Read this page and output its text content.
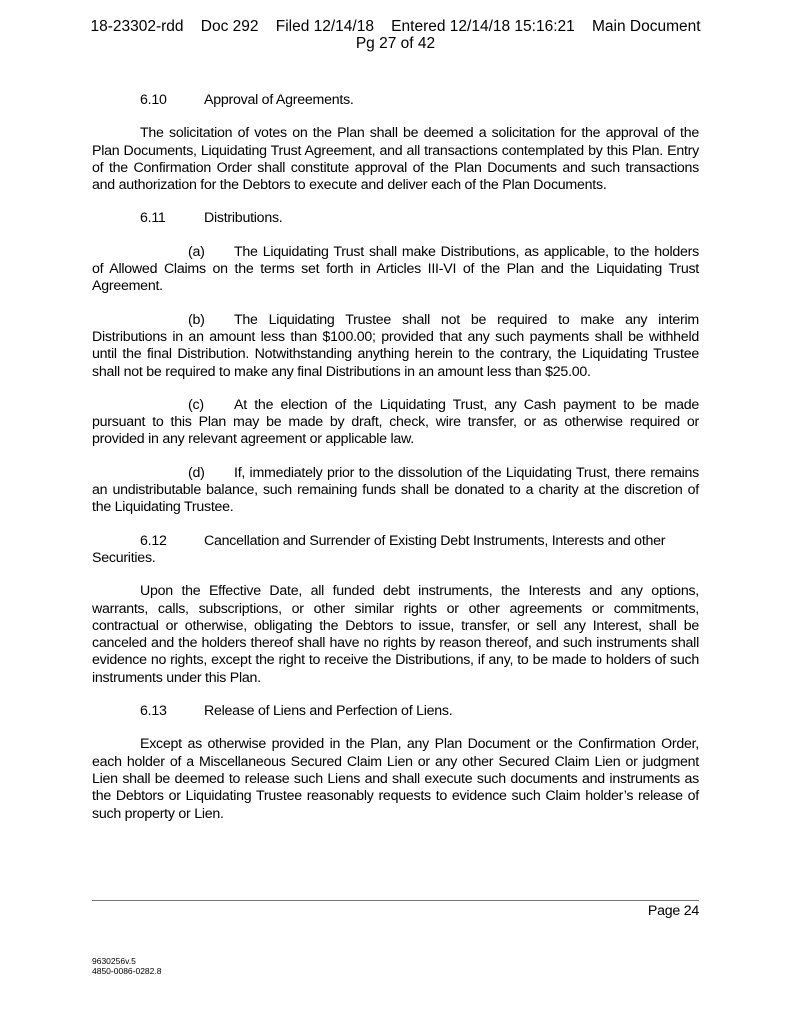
18-23302-rdd    Doc 292    Filed 12/14/18    Entered 12/14/18 15:16:21    Main Document
Pg 27 of 42

6.10	Approval of Agreements.

The solicitation of votes on the Plan shall be deemed a solicitation for the approval of the Plan Documents, Liquidating Trust Agreement, and all transactions contemplated by this Plan. Entry of the Confirmation Order shall constitute approval of the Plan Documents and such transactions and authorization for the Debtors to execute and deliver each of the Plan Documents.

6.11	Distributions.

(a) The Liquidating Trust shall make Distributions, as applicable, to the holders of Allowed Claims on the terms set forth in Articles III-VI of the Plan and the Liquidating Trust Agreement.

(b) The Liquidating Trustee shall not be required to make any interim Distributions in an amount less than $100.00; provided that any such payments shall be withheld until the final Distribution. Notwithstanding anything herein to the contrary, the Liquidating Trustee shall not be required to make any final Distributions in an amount less than $25.00.

(c) At the election of the Liquidating Trust, any Cash payment to be made pursuant to this Plan may be made by draft, check, wire transfer, or as otherwise required or provided in any relevant agreement or applicable law.

(d) If, immediately prior to the dissolution of the Liquidating Trust, there remains an undistributable balance, such remaining funds shall be donated to a charity at the discretion of the Liquidating Trustee.

6.12	Cancellation and Surrender of Existing Debt Instruments, Interests and other Securities.

Upon the Effective Date, all funded debt instruments, the Interests and any options, warrants, calls, subscriptions, or other similar rights or other agreements or commitments, contractual or otherwise, obligating the Debtors to issue, transfer, or sell any Interest, shall be canceled and the holders thereof shall have no rights by reason thereof, and such instruments shall evidence no rights, except the right to receive the Distributions, if any, to be made to holders of such instruments under this Plan.

6.13	Release of Liens and Perfection of Liens.

Except as otherwise provided in the Plan, any Plan Document or the Confirmation Order, each holder of a Miscellaneous Secured Claim Lien or any other Secured Claim Lien or judgment Lien shall be deemed to release such Liens and shall execute such documents and instruments as the Debtors or Liquidating Trustee reasonably requests to evidence such Claim holder’s release of such property or Lien.

Page 24
9630256v.5
4850-0086-0282.8
